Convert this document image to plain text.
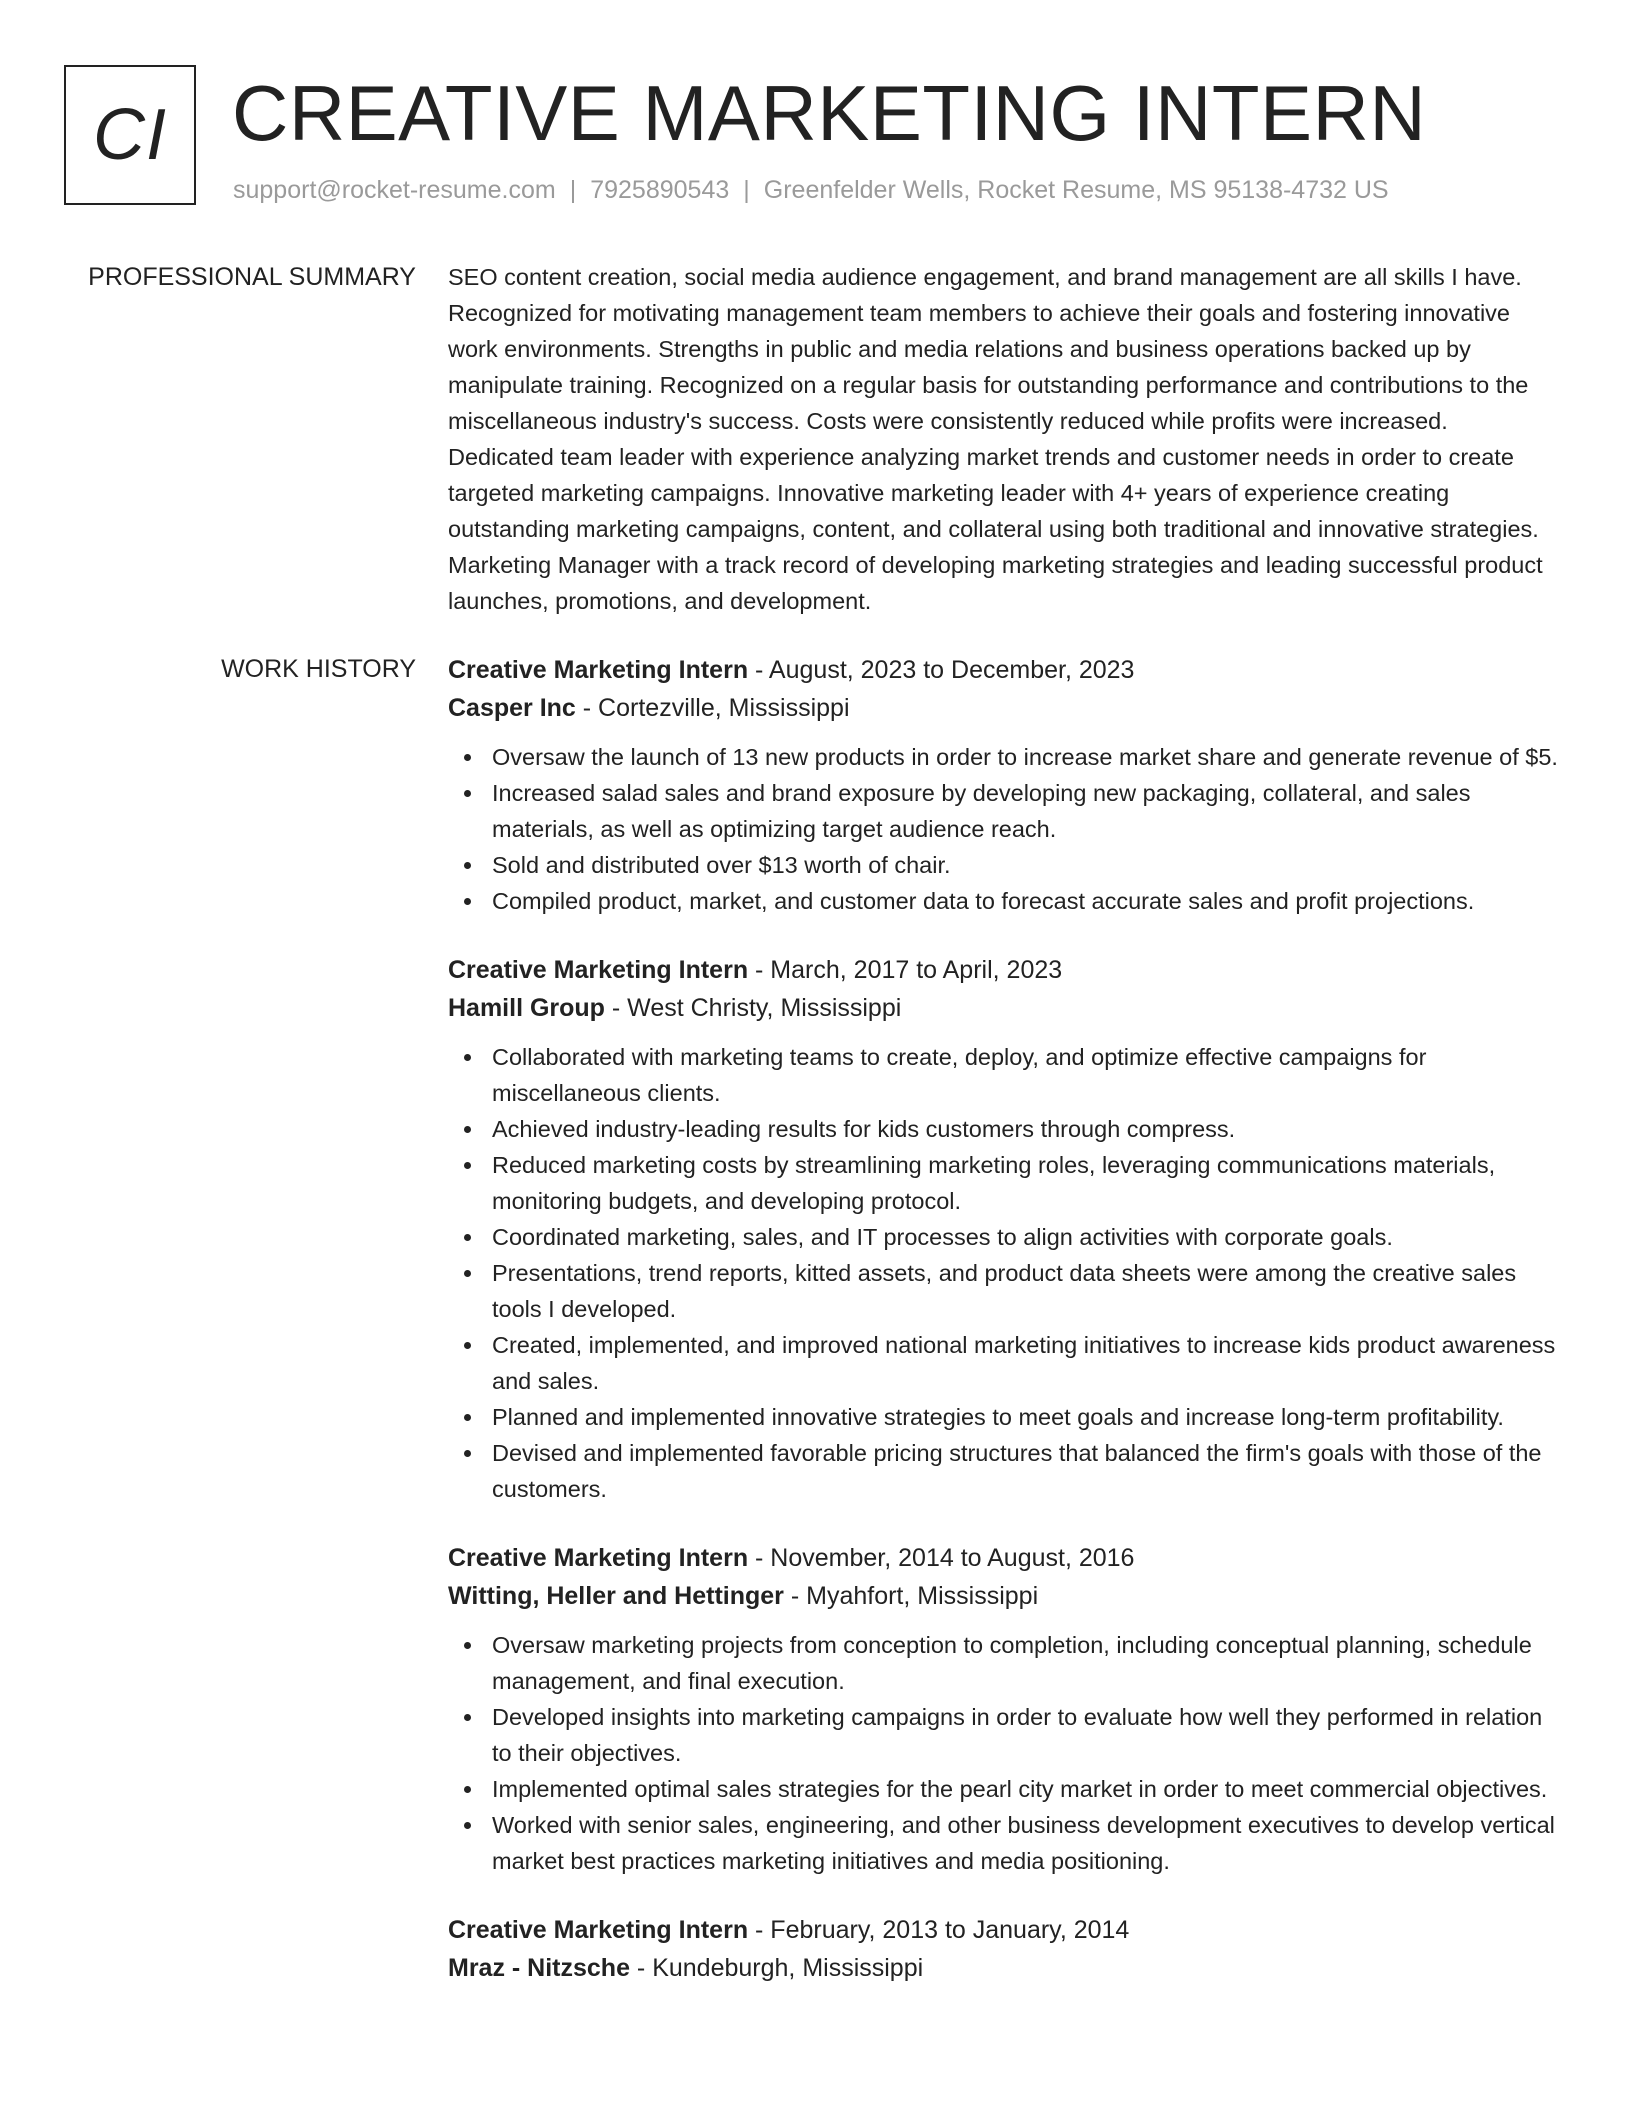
CI CREATIVE MARKETING INTERN
support@rocket-resume.com | 7925890543 | Greenfelder Wells, Rocket Resume, MS 95138-4732 US
PROFESSIONAL SUMMARY SEO content creation, social media audience engagement, and brand management are all skills I have. Recognized for motivating management team members to achieve their goals and fostering innovative work environments. Strengths in public and media relations and business operations backed up by manipulate training. Recognized on a regular basis for outstanding performance and contributions to the miscellaneous industry's success. Costs were consistently reduced while profits were increased. Dedicated team leader with experience analyzing market trends and customer needs in order to create targeted marketing campaigns. Innovative marketing leader with 4+ years of experience creating outstanding marketing campaigns, content, and collateral using both traditional and innovative strategies. Marketing Manager with a track record of developing marketing strategies and leading successful product launches, promotions, and development.

WORK HISTORY Creative Marketing Intern - August, 2023 to December, 2023
Casper Inc - Cortezville, Mississippi
Oversaw the launch of 13 new products in order to increase market share and generate revenue of $5.
Increased salad sales and brand exposure by developing new packaging, collateral, and sales materials, as well as optimizing target audience reach.
Sold and distributed over $13 worth of chair.
Compiled product, market, and customer data to forecast accurate sales and profit projections.
Creative Marketing Intern - March, 2017 to April, 2023
Hamill Group - West Christy, Mississippi
Collaborated with marketing teams to create, deploy, and optimize effective campaigns for miscellaneous clients.
Achieved industry-leading results for kids customers through compress.
Reduced marketing costs by streamlining marketing roles, leveraging communications materials, monitoring budgets, and developing protocol.
Coordinated marketing, sales, and IT processes to align activities with corporate goals.
Presentations, trend reports, kitted assets, and product data sheets were among the creative sales tools I developed.
Created, implemented, and improved national marketing initiatives to increase kids product awareness and sales.
Planned and implemented innovative strategies to meet goals and increase long-term profitability.
Devised and implemented favorable pricing structures that balanced the firm's goals with those of the customers.
Creative Marketing Intern - November, 2014 to August, 2016
Witting, Heller and Hettinger - Myahfort, Mississippi
Oversaw marketing projects from conception to completion, including conceptual planning, schedule management, and final execution.
Developed insights into marketing campaigns in order to evaluate how well they performed in relation to their objectives.
Implemented optimal sales strategies for the pearl city market in order to meet commercial objectives.
Worked with senior sales, engineering, and other business development executives to develop vertical market best practices marketing initiatives and media positioning.
Creative Marketing Intern - February, 2013 to January, 2014
Mraz - Nitzsche - Kundeburgh, Mississippi
